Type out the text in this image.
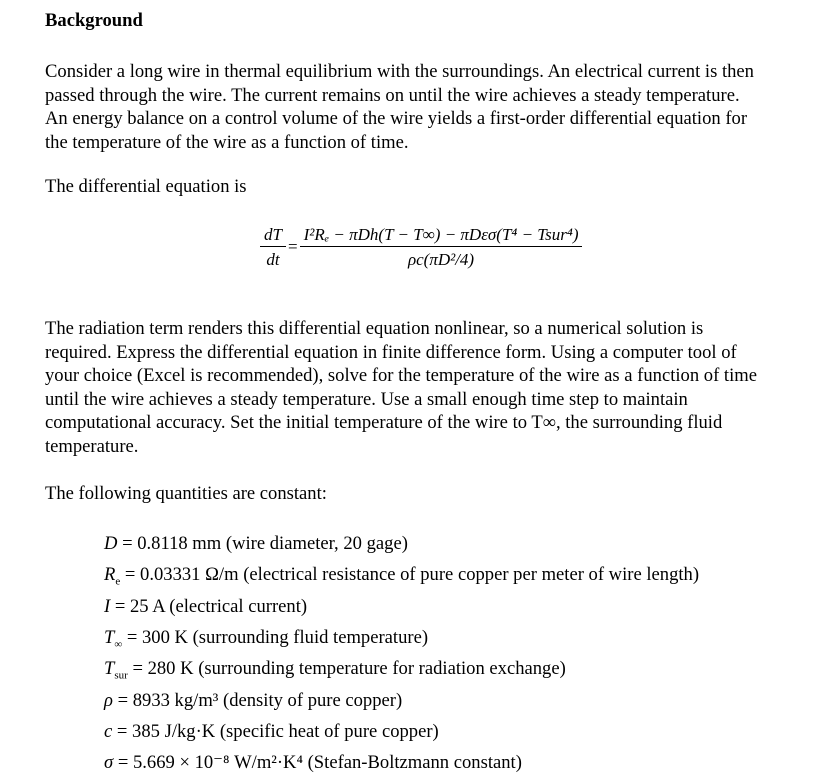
Background

Consider a long wire in thermal equilibrium with the surroundings. An electrical current is then
passed through the wire. The current remains on until the wire achieves a steady temperature.
An energy balance on a control volume of the wire yields a first-order differential equation for
the temperature of the wire as a function of time.

The differential equation is

$\frac{dT}{dt} = \frac{\text{I²Rₑ − πDh(T − T∞) − πDεσ(T⁴ − Tsur⁴)}}{\text{ρc(πD²/4)}}$

The radiation term renders this differential equation nonlinear, so a numerical solution is
required. Express the differential equation in finite difference form. Using a computer tool of
your choice (Excel is recommended), solve for the temperature of the wire as a function of time
until the wire achieves a steady temperature. Use a small enough time step to maintain
computational accuracy. Set the initial temperature of the wire to T∞, the surrounding fluid
temperature.

The following quantities are constant:

D = 0.8118 mm (wire diameter, 20 gage)
$R_e = 0.03331$ Ω/m (electrical resistance of pure copper per meter of wire length)
I = 25 A (electrical current)
$T_\infty = 300$ K (surrounding fluid temperature)
$T_{sur} = 280$ K (surrounding temperature for radiation exchange)
ρ = 8933 kg/m³ (density of pure copper)
c = 385 J/kg·K (specific heat of pure copper)
σ = 5.669 × 10⁻⁸ W/m²·K⁴ (Stefan-Boltzmann constant)
